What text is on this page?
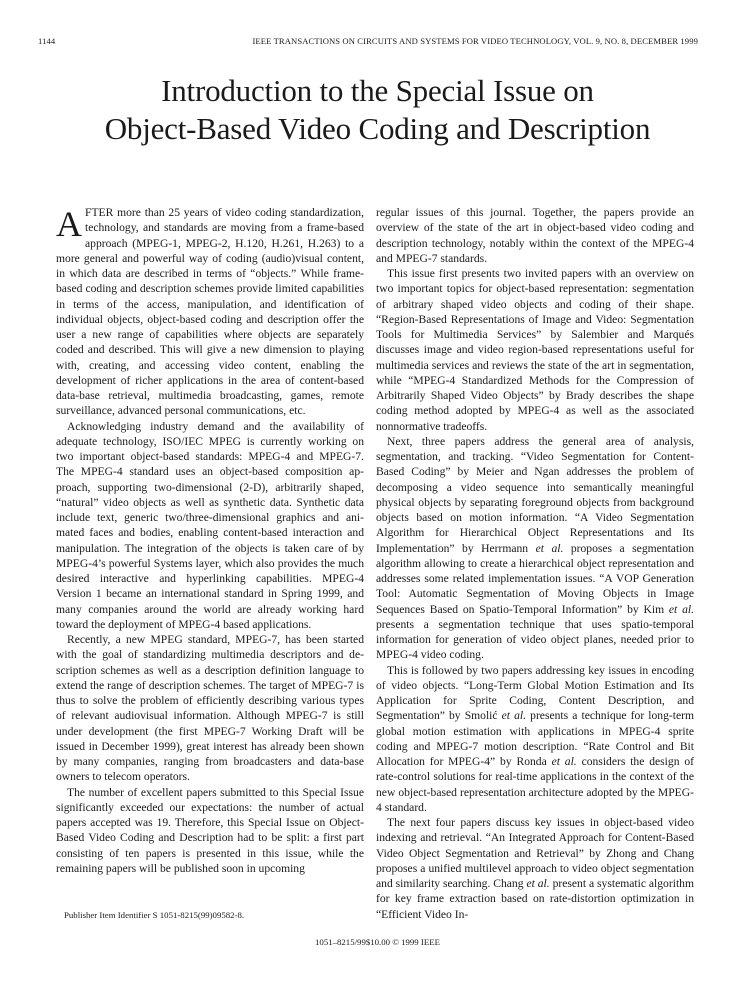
1144	IEEE TRANSACTIONS ON CIRCUITS AND SYSTEMS FOR VIDEO TECHNOLOGY, VOL. 9, NO. 8, DECEMBER 1999
Introduction to the Special Issue on
Object-Based Video Coding and Description

AFTER more than 25 years of video coding standardization, technology, and standards are moving from a frame-based approach (MPEG-1, MPEG-2, H.120, H.261, H.263) to a more general and powerful way of coding (audio)visual content, in which data are described in terms of “objects.” While frame-based coding and description schemes provide limited capabilities in terms of the access, manipulation, and identification of individual objects, object-based coding and description offer the user a new range of capabilities where objects are separately coded and described. This will give a new dimension to playing with, creating, and accessing video content, enabling the development of richer applications in the area of content-based data-base retrieval, multimedia broadcasting, games, remote surveillance, advanced personal communications, etc.

Acknowledging industry demand and the availability of adequate technology, ISO/IEC MPEG is currently working on two important object-based standards: MPEG-4 and MPEG-7. The MPEG-4 standard uses an object-based composition approach, supporting two-dimensional (2-D), arbitrarily shaped, “natural” video objects as well as synthetic data. Synthetic data include text, generic two/three-dimensional graphics and animated faces and bodies, enabling content-based interaction and manipulation. The integration of the objects is taken care of by MPEG-4’s powerful Systems layer, which also provides the much desired interactive and hyperlinking capabilities. MPEG-4 Version 1 became an international standard in Spring 1999, and many companies around the world are already working hard toward the deployment of MPEG-4 based applications.

Recently, a new MPEG standard, MPEG-7, has been started with the goal of standardizing multimedia descriptors and description schemes as well as a description definition language to extend the range of description schemes. The target of MPEG-7 is thus to solve the problem of efficiently describing various types of relevant audiovisual information. Although MPEG-7 is still under development (the first MPEG-7 Working Draft will be issued in December 1999), great interest has already been shown by many companies, ranging from broadcasters and data-base owners to telecom operators.

The number of excellent papers submitted to this Special Issue significantly exceeded our expectations: the number of actual papers accepted was 19. Therefore, this Special Issue on Object-Based Video Coding and Description had to be split: a first part consisting of ten papers is presented in this issue, while the remaining papers will be published soon in upcoming

regular issues of this journal. Together, the papers provide an overview of the state of the art in object-based video coding and description technology, notably within the context of the MPEG-4 and MPEG-7 standards.

This issue first presents two invited papers with an overview on two important topics for object-based representation: segmentation of arbitrary shaped video objects and coding of their shape. “Region-Based Representations of Image and Video: Segmentation Tools for Multimedia Services” by Salembier and Marqués discusses image and video region-based representations useful for multimedia services and reviews the state of the art in segmentation, while “MPEG-4 Standardized Methods for the Compression of Arbitrarily Shaped Video Objects” by Brady describes the shape coding method adopted by MPEG-4 as well as the associated nonnormative tradeoffs.

Next, three papers address the general area of analysis, segmentation, and tracking. “Video Segmentation for Content-Based Coding” by Meier and Ngan addresses the problem of decomposing a video sequence into semantically meaningful physical objects by separating foreground objects from background objects based on motion information. “A Video Segmentation Algorithm for Hierarchical Object Representations and Its Implementation” by Herrmann et al. proposes a segmentation algorithm allowing to create a hierarchical object representation and addresses some related implementation issues. “A VOP Generation Tool: Automatic Segmentation of Moving Objects in Image Sequences Based on Spatio-Temporal Information” by Kim et al. presents a segmentation technique that uses spatio-temporal information for generation of video object planes, needed prior to MPEG-4 video coding.

This is followed by two papers addressing key issues in encoding of video objects. “Long-Term Global Motion Estimation and Its Application for Sprite Coding, Content Description, and Segmentation” by Smolić et al. presents a technique for long-term global motion estimation with applications in MPEG-4 sprite coding and MPEG-7 motion description. “Rate Control and Bit Allocation for MPEG-4” by Ronda et al. considers the design of rate-control solutions for real-time applications in the context of the new object-based representation architecture adopted by the MPEG-4 standard.

The next four papers discuss key issues in object-based video indexing and retrieval. “An Integrated Approach for Content-Based Video Object Segmentation and Retrieval” by Zhong and Chang proposes a unified multilevel approach to video object segmentation and similarity searching. Chang et al. present a systematic algorithm for key frame extraction based on rate-distortion optimization in “Efficient Video In-

Publisher Item Identifier S 1051-8215(99)09582-8.
1051–8215/99$10.00 © 1999 IEEE
